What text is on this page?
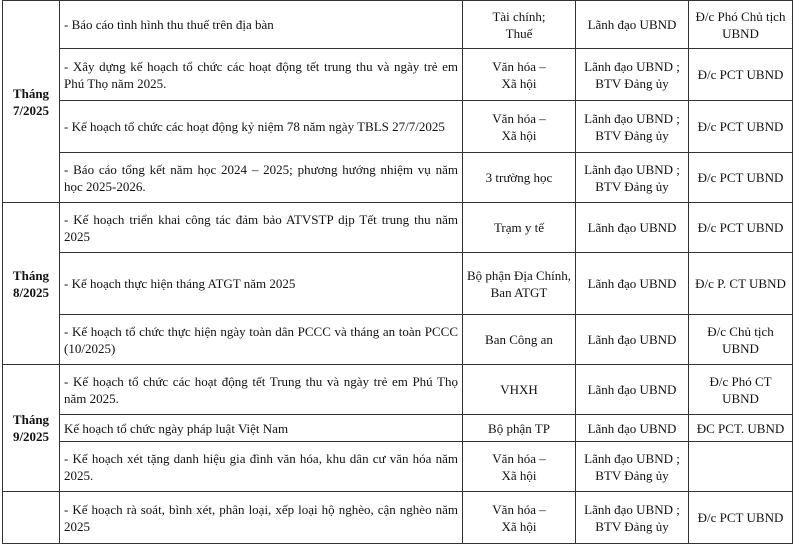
Tháng 7/2025	- Báo cáo tình hình thu thuế trên địa bàn	Tài chính;
Thuế	Lãnh đạo UBND	Đ/c Phó Chủ tịch UBND
	- Xây dựng kế hoạch tổ chức các hoạt động tết trung thu và ngày trẻ em Phú Thọ năm 2025.	Văn hóa –
Xã hội	Lãnh đạo UBND ; BTV Đảng ủy	Đ/c PCT UBND
	- Kế hoạch tổ chức các hoạt động kỷ niệm 78 năm ngày TBLS 27/7/2025	Văn hóa –
Xã hội	Lãnh đạo UBND ; BTV Đảng ủy	Đ/c PCT UBND
	- Báo cáo tổng kết năm học 2024 – 2025; phương hướng nhiệm vụ năm học 2025-2026.	3 trường học	Lãnh đạo UBND ; BTV Đảng ủy	Đ/c PCT UBND
Tháng 8/2025	- Kế hoạch triển khai công tác đảm bảo ATVSTP dịp Tết trung thu năm 2025	Trạm y tế	Lãnh đạo UBND	Đ/c PCT UBND
	- Kế hoạch thực hiện tháng ATGT năm 2025	Bộ phận Địa Chính, Ban ATGT	Lãnh đạo UBND	Đ/c P. CT UBND
	- Kế hoạch tổ chức thực hiện ngày toàn dân PCCC và tháng an toàn PCCC (10/2025)	Ban Công an	Lãnh đạo UBND	Đ/c Chủ tịch UBND
Tháng 9/2025	- Kế hoạch tổ chức các hoạt động tết Trung thu và ngày trẻ em Phú Thọ năm 2025.	VHXH	Lãnh đạo UBND	Đ/c Phó CT UBND
	Kế hoạch tổ chức ngày pháp luật Việt Nam	Bộ phận TP	Lãnh đạo UBND	ĐC PCT. UBND
	- Kế hoạch xét tặng danh hiệu gia đình văn hóa, khu dân cư văn hóa năm 2025.	Văn hóa –
Xã hội	Lãnh đạo UBND ; BTV Đảng ủy	
	- Kế hoạch rà soát, bình xét, phân loại, xếp loại hộ nghèo, cận nghèo năm 2025	Văn hóa –
Xã hội	Lãnh đạo UBND ; BTV Đảng ủy	Đ/c PCT UBND
